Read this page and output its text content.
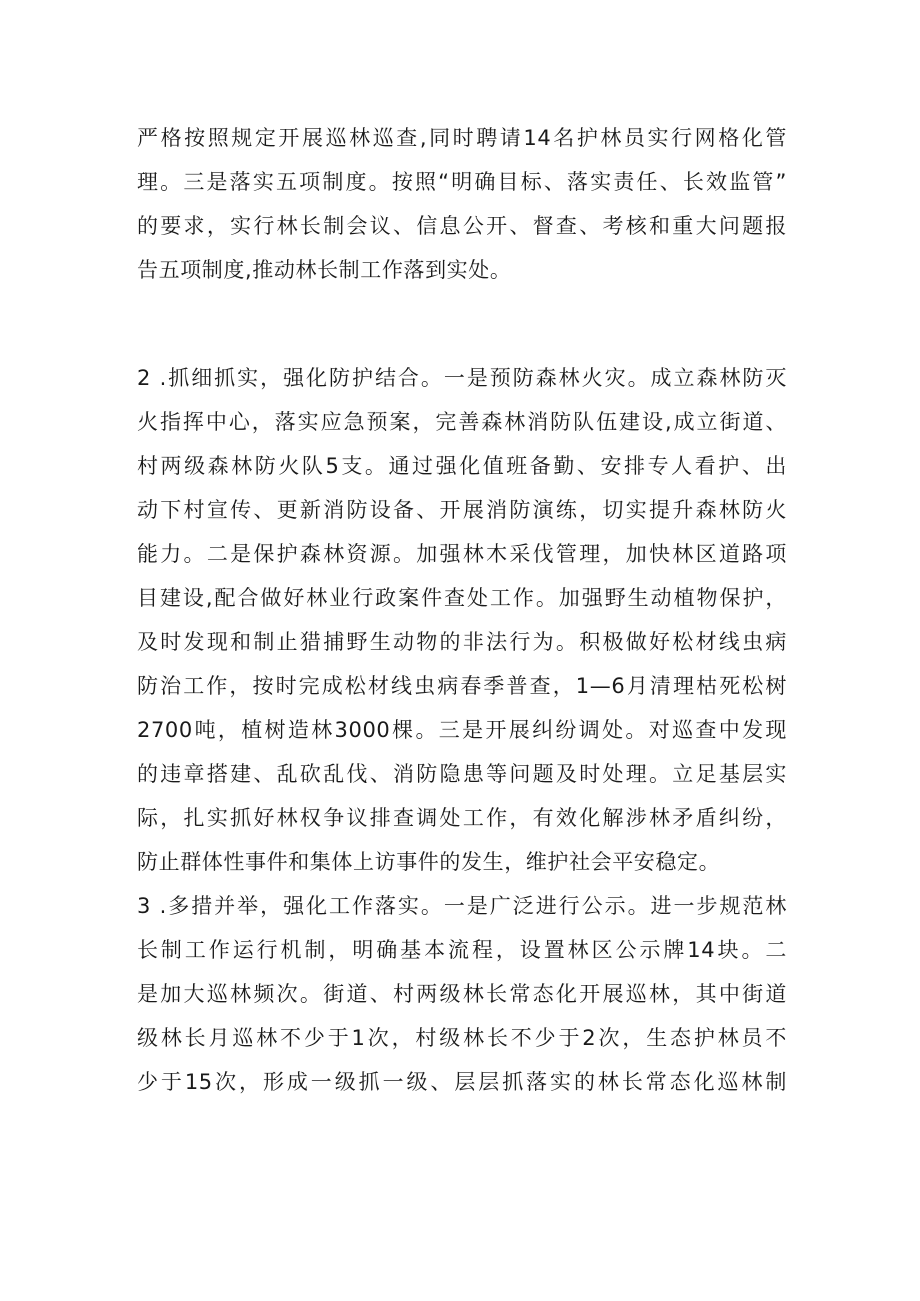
严格按照规定开展巡林巡查,同时聘请14名护林员实行网格化管
理。三是落实五项制度。按照“明确目标、落实责任、长效监管”
的要求，实行林长制会议、信息公开、督查、考核和重大问题报
告五项制度,推动林长制工作落到实处。
2 .抓细抓实，强化防护结合。一是预防森林火灾。成立森林防灭
火指挥中心，落实应急预案，完善森林消防队伍建设,成立街道、
村两级森林防火队5支。通过强化值班备勤、安排专人看护、出
动下村宣传、更新消防设备、开展消防演练，切实提升森林防火
能力。二是保护森林资源。加强林木采伐管理，加快林区道路项
目建设,配合做好林业行政案件查处工作。加强野生动植物保护，
及时发现和制止猎捕野生动物的非法行为。积极做好松材线虫病
防治工作，按时完成松材线虫病春季普查，1—6月清理枯死松树
2700吨，植树造林3000棵。三是开展纠纷调处。对巡查中发现
的违章搭建、乱砍乱伐、消防隐患等问题及时处理。立足基层实
际，扎实抓好林权争议排查调处工作，有效化解涉林矛盾纠纷，
防止群体性事件和集体上访事件的发生，维护社会平安稳定。
3 .多措并举，强化工作落实。一是广泛进行公示。进一步规范林
长制工作运行机制，明确基本流程，设置林区公示牌14块。二
是加大巡林频次。街道、村两级林长常态化开展巡林，其中街道
级林长月巡林不少于1次，村级林长不少于2次，生态护林员不
少于15次，形成一级抓一级、层层抓落实的林长常态化巡林制
